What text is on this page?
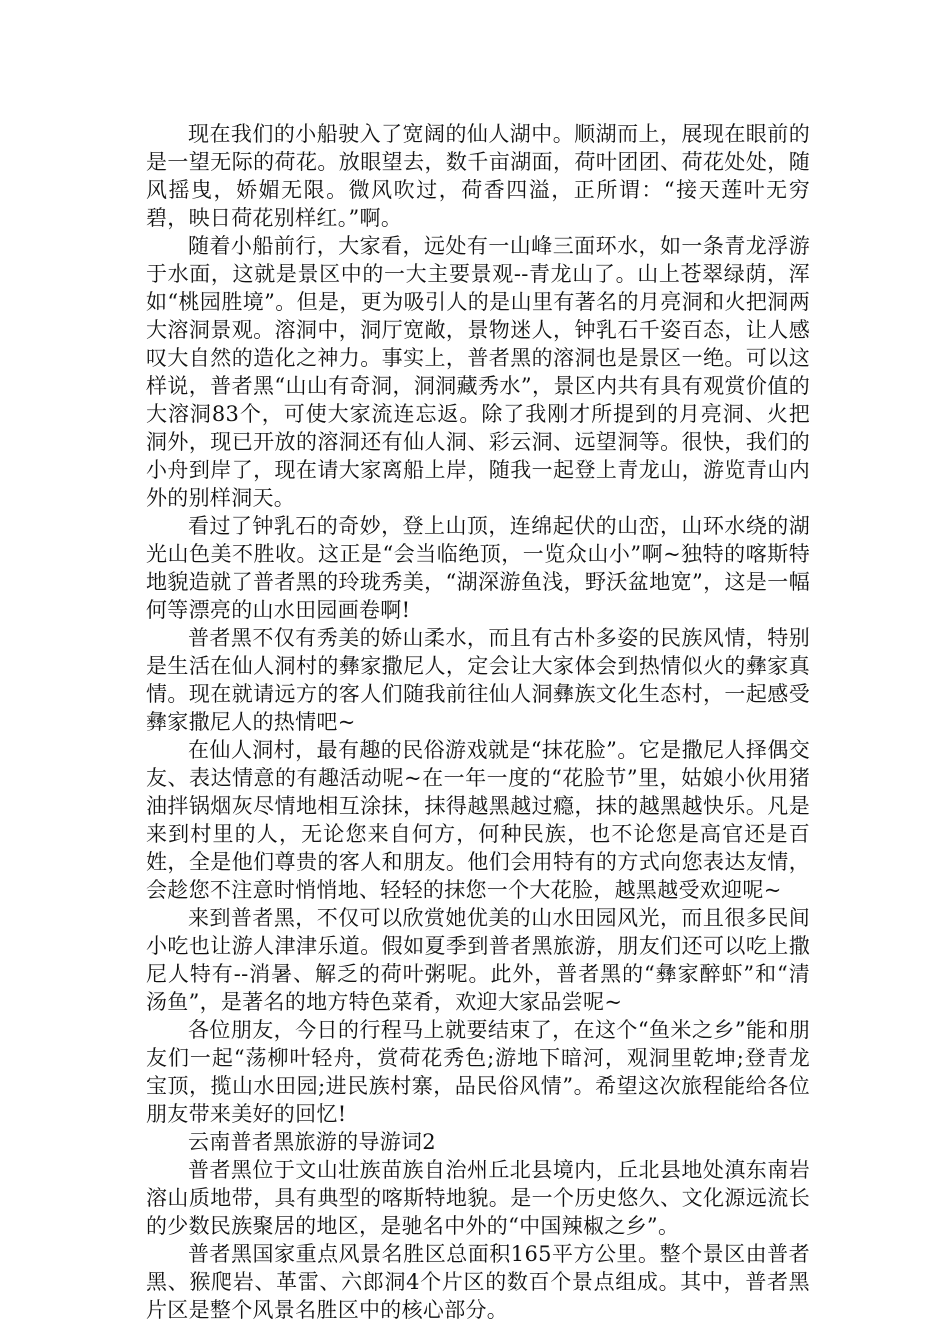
现在我们的小船驶入了宽阔的仙人湖中。顺湖而上，展现在眼前的是一望无际的荷花。放眼望去，数千亩湖面，荷叶团团、荷花处处，随风摇曳，娇媚无限。微风吹过，荷香四溢，正所谓：“接天莲叶无穷碧，映日荷花别样红。”啊。

随着小船前行，大家看，远处有一山峰三面环水，如一条青龙浮游于水面，这就是景区中的一大主要景观--青龙山了。山上苍翠绿荫，浑如“桃园胜境”。但是，更为吸引人的是山里有著名的月亮洞和火把洞两大溶洞景观。溶洞中，洞厅宽敞，景物迷人，钟乳石千姿百态，让人感叹大自然的造化之神力。事实上，普者黑的溶洞也是景区一绝。可以这样说，普者黑“山山有奇洞，洞洞藏秀水”，景区内共有具有观赏价值的大溶洞83个，可使大家流连忘返。除了我刚才所提到的月亮洞、火把洞外，现已开放的溶洞还有仙人洞、彩云洞、远望洞等。很快，我们的小舟到岸了，现在请大家离船上岸，随我一起登上青龙山，游览青山内外的别样洞天。

看过了钟乳石的奇妙，登上山顶，连绵起伏的山峦，山环水绕的湖光山色美不胜收。这正是“会当临绝顶，一览众山小”啊~独特的喀斯特地貌造就了普者黑的玲珑秀美，“湖深游鱼浅，野沃盆地宽”，这是一幅何等漂亮的山水田园画卷啊!

普者黑不仅有秀美的娇山柔水，而且有古朴多姿的民族风情，特别是生活在仙人洞村的彝家撒尼人，定会让大家体会到热情似火的彝家真情。现在就请远方的客人们随我前往仙人洞彝族文化生态村，一起感受彝家撒尼人的热情吧~

在仙人洞村，最有趣的民俗游戏就是“抹花脸”。它是撒尼人择偶交友、表达情意的有趣活动呢~在一年一度的“花脸节”里，姑娘小伙用猪油拌锅烟灰尽情地相互涂抹，抹得越黑越过瘾，抹的越黑越快乐。凡是来到村里的人，无论您来自何方，何种民族，也不论您是高官还是百姓，全是他们尊贵的客人和朋友。他们会用特有的方式向您表达友情，会趁您不注意时悄悄地、轻轻的抹您一个大花脸，越黑越受欢迎呢~

来到普者黑，不仅可以欣赏她优美的山水田园风光，而且很多民间小吃也让游人津津乐道。假如夏季到普者黑旅游，朋友们还可以吃上撒尼人特有--消暑、解乏的荷叶粥呢。此外，普者黑的“彝家醉虾”和“清汤鱼”，是著名的地方特色菜肴，欢迎大家品尝呢~

各位朋友，今日的行程马上就要结束了，在这个“鱼米之乡”能和朋友们一起“荡柳叶轻舟，赏荷花秀色;游地下暗河，观洞里乾坤;登青龙宝顶，揽山水田园;进民族村寨，品民俗风情”。希望这次旅程能给各位朋友带来美好的回忆!

云南普者黑旅游的导游词2

普者黑位于文山壮族苗族自治州丘北县境内，丘北县地处滇东南岩溶山质地带，具有典型的喀斯特地貌。是一个历史悠久、文化源远流长的少数民族聚居的地区，是驰名中外的“中国辣椒之乡”。

普者黑国家重点风景名胜区总面积165平方公里。整个景区由普者黑、猴爬岩、革雷、六郎洞4个片区的数百个景点组成。其中，普者黑片区是整个风景名胜区中的核心部分。
